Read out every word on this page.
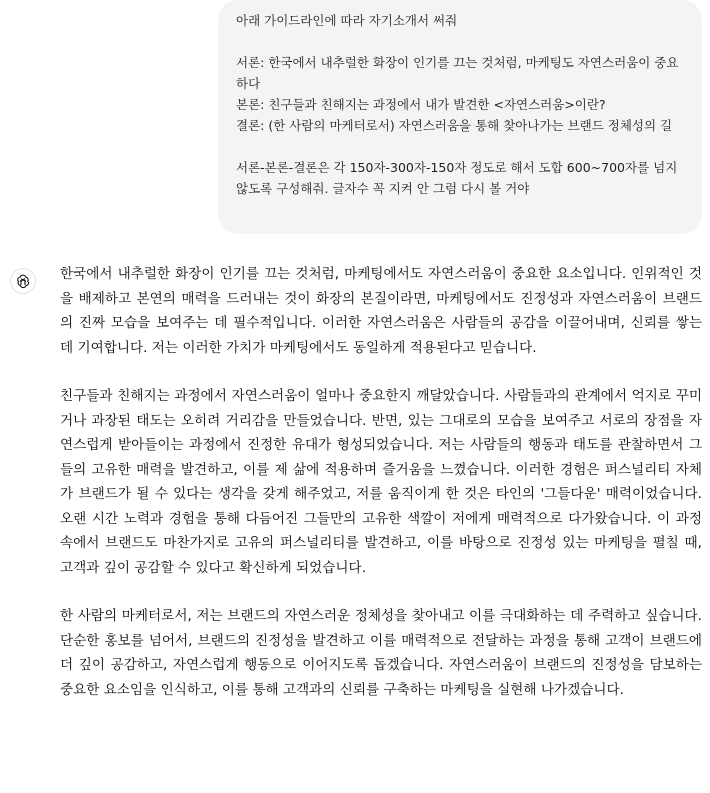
아래 가이드라인에 따라 자기소개서 써줘
서론: 한국에서 내추럴한 화장이 인기를 끄는 것처럼, 마케팅도 자연스러움이 중요하다
본론: 친구들과 친해지는 과정에서 내가 발견한 <자연스러움>이란?
결론: (한 사람의 마케터로서) 자연스러움을 통해 찾아나가는 브랜드 정체성의 길
서론-본론-결론은 각 150자-300자-150자 정도로 해서 도합 600~700자를 넘지 않도록 구성해줘. 글자수 꼭 지켜 안 그럼 다시 볼 거야

한국에서 내추럴한 화장이 인기를 끄는 것처럼, 마케팅에서도 자연스러움이 중요한 요소입니다. 인위적인 것을 배제하고 본연의 매력을 드러내는 것이 화장의 본질이라면, 마케팅에서도 진정성과 자연스러움이 브랜드의 진짜 모습을 보여주는 데 필수적입니다. 이러한 자연스러움은 사람들의 공감을 이끌어내며, 신뢰를 쌓는 데 기여합니다. 저는 이러한 가치가 마케팅에서도 동일하게 적용된다고 믿습니다.

친구들과 친해지는 과정에서 자연스러움이 얼마나 중요한지 깨달았습니다. 사람들과의 관계에서 억지로 꾸미거나 과장된 태도는 오히려 거리감을 만들었습니다. 반면, 있는 그대로의 모습을 보여주고 서로의 장점을 자연스럽게 받아들이는 과정에서 진정한 유대가 형성되었습니다. 저는 사람들의 행동과 태도를 관찰하면서 그들의 고유한 매력을 발견하고, 이를 제 삶에 적용하며 즐거움을 느꼈습니다. 이러한 경험은 퍼스널리티 자체가 브랜드가 될 수 있다는 생각을 갖게 해주었고, 저를 움직이게 한 것은 타인의 '그들다운' 매력이었습니다. 오랜 시간 노력과 경험을 통해 다듬어진 그들만의 고유한 색깔이 저에게 매력적으로 다가왔습니다. 이 과정 속에서 브랜드도 마찬가지로 고유의 퍼스널리티를 발견하고, 이를 바탕으로 진정성 있는 마케팅을 펼칠 때, 고객과 깊이 공감할 수 있다고 확신하게 되었습니다.

한 사람의 마케터로서, 저는 브랜드의 자연스러운 정체성을 찾아내고 이를 극대화하는 데 주력하고 싶습니다. 단순한 홍보를 넘어서, 브랜드의 진정성을 발견하고 이를 매력적으로 전달하는 과정을 통해 고객이 브랜드에 더 깊이 공감하고, 자연스럽게 행동으로 이어지도록 돕겠습니다. 자연스러움이 브랜드의 진정성을 담보하는 중요한 요소임을 인식하고, 이를 통해 고객과의 신뢰를 구축하는 마케팅을 실현해 나가겠습니다.
